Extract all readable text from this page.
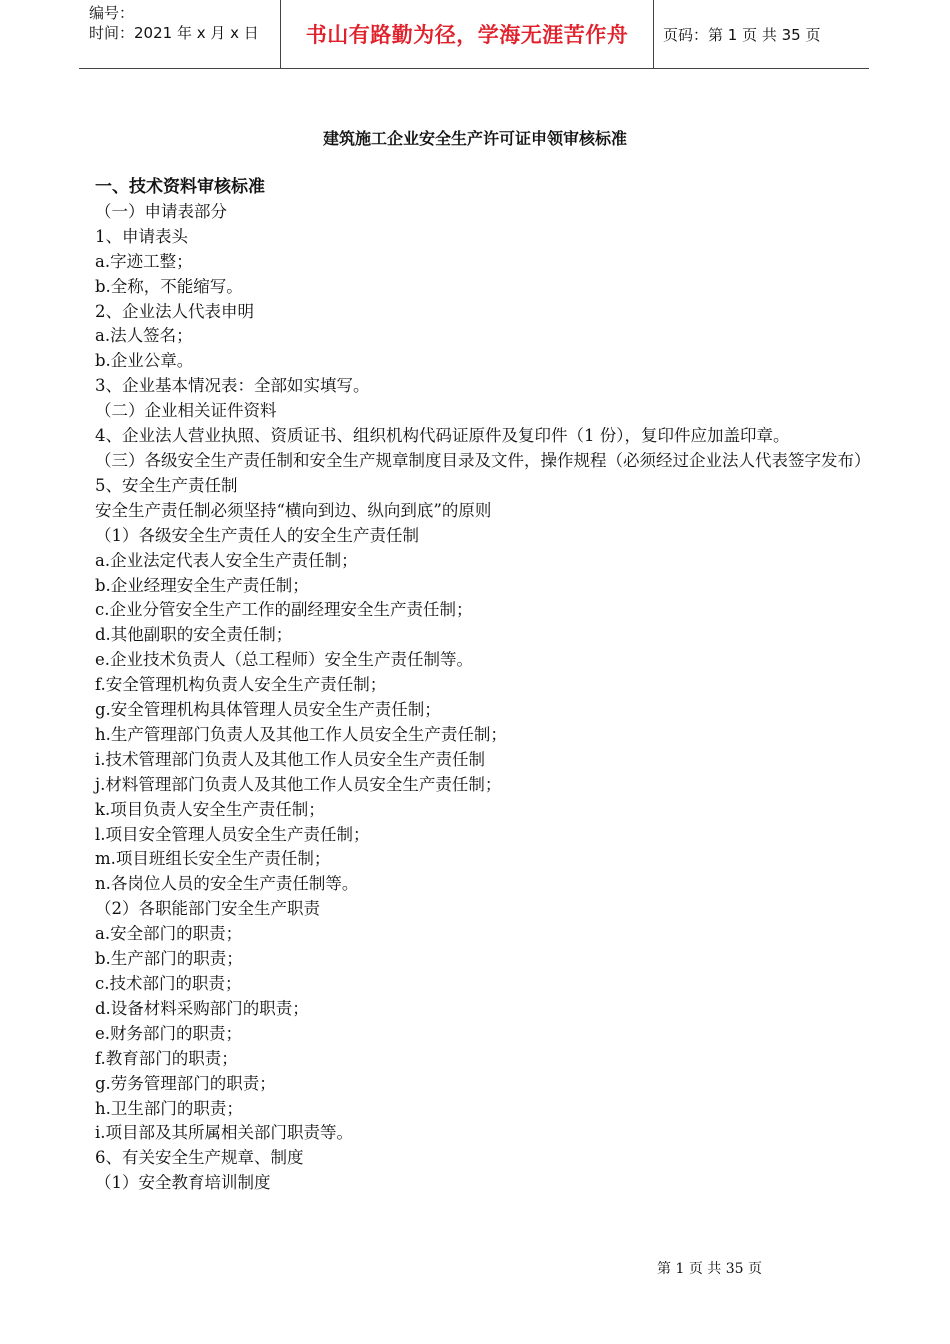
编号：
时间：2021 年 x 月 x 日	书山有路勤为径，学海无涯苦作舟 页码：第 1 页 共 35 页
建筑施工企业安全生产许可证申领审核标准

一、技术资料审核标准

（一）申请表部分

1、申请表头

a.字迹工整；

b.全称，不能缩写。

2、企业法人代表申明

a.法人签名；

b.企业公章。

3、企业基本情况表：全部如实填写。

（二）企业相关证件资料

4、企业法人营业执照、资质证书、组织机构代码证原件及复印件（1 份），复印件应加盖印章。

（三）各级安全生产责任制和安全生产规章制度目录及文件，操作规程（必须经过企业法人代表签字发布）

5、安全生产责任制

安全生产责任制必须坚持“横向到边、纵向到底”的原则

（1）各级安全生产责任人的安全生产责任制

a.企业法定代表人安全生产责任制；

b.企业经理安全生产责任制；

c.企业分管安全生产工作的副经理安全生产责任制；

d.其他副职的安全责任制；

e.企业技术负责人（总工程师）安全生产责任制等。

f.安全管理机构负责人安全生产责任制；

g.安全管理机构具体管理人员安全生产责任制；

h.生产管理部门负责人及其他工作人员安全生产责任制；

i.技术管理部门负责人及其他工作人员安全生产责任制

j.材料管理部门负责人及其他工作人员安全生产责任制；

k.项目负责人安全生产责任制；

l.项目安全管理人员安全生产责任制；

m.项目班组长安全生产责任制；

n.各岗位人员的安全生产责任制等。

（2）各职能部门安全生产职责

a.安全部门的职责；

b.生产部门的职责；

c.技术部门的职责；

d.设备材料采购部门的职责；

e.财务部门的职责；

f.教育部门的职责；

g.劳务管理部门的职责；

h.卫生部门的职责；

i.项目部及其所属相关部门职责等。

6、有关安全生产规章、制度

（1）安全教育培训制度

第 1 页 共 35 页
